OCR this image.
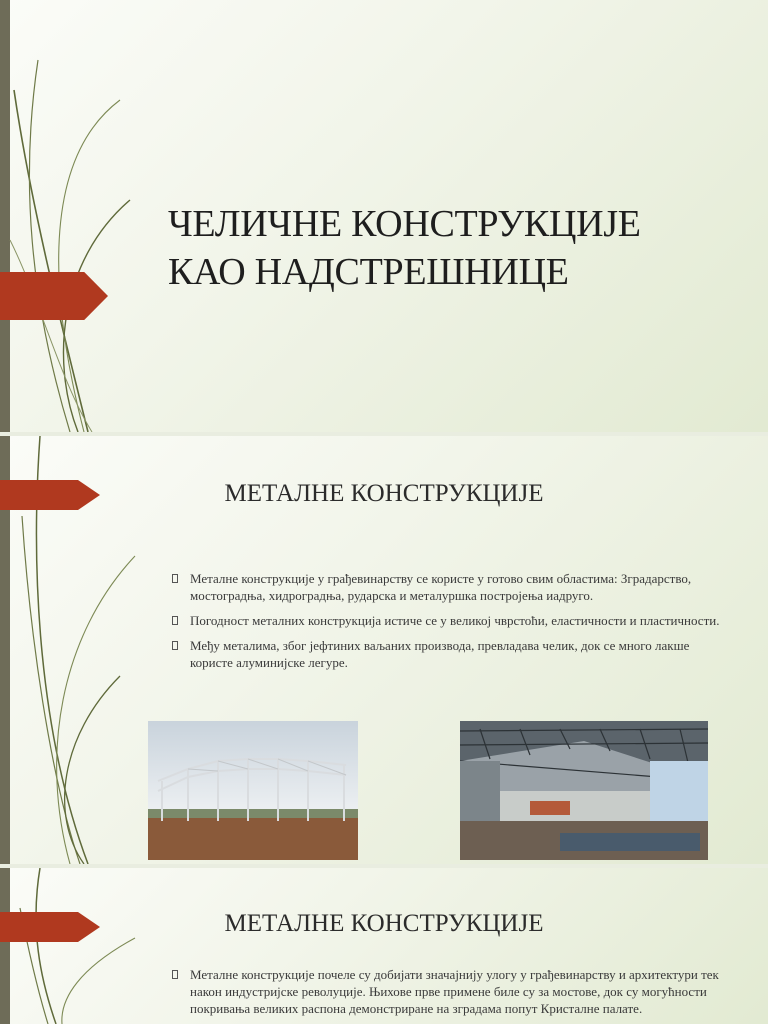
ЧЕЛИЧНЕ КОНСТРУКЦИЈЕ
КАО НАДСТРЕШНИЦЕ
МЕТАЛНЕ КОНСТРУКЦИЈЕ
Металне конструкције у грађевинарству се користе у готово свим областима: Зградарство, мостоградња, хидроградња, рударска и металуршка постројења иадруго.
Погодност металних конструкција истиче се у великој чврстоћи, еластичности и пластичности.
Међу металима, због јефтиних ваљаних производа, превладава челик, док се много лакше користе алуминијске легуре.
МЕТАЛНЕ КОНСТРУКЦИЈЕ
Металне конструкције почеле су добијати значајнију улогу у грађевинарству и архитектури тек након индустријске револуције. Њихове прве примене биле су за мостове, док су могућности покривања великих распона демонстриране на зградама попут Кристалне палате.
